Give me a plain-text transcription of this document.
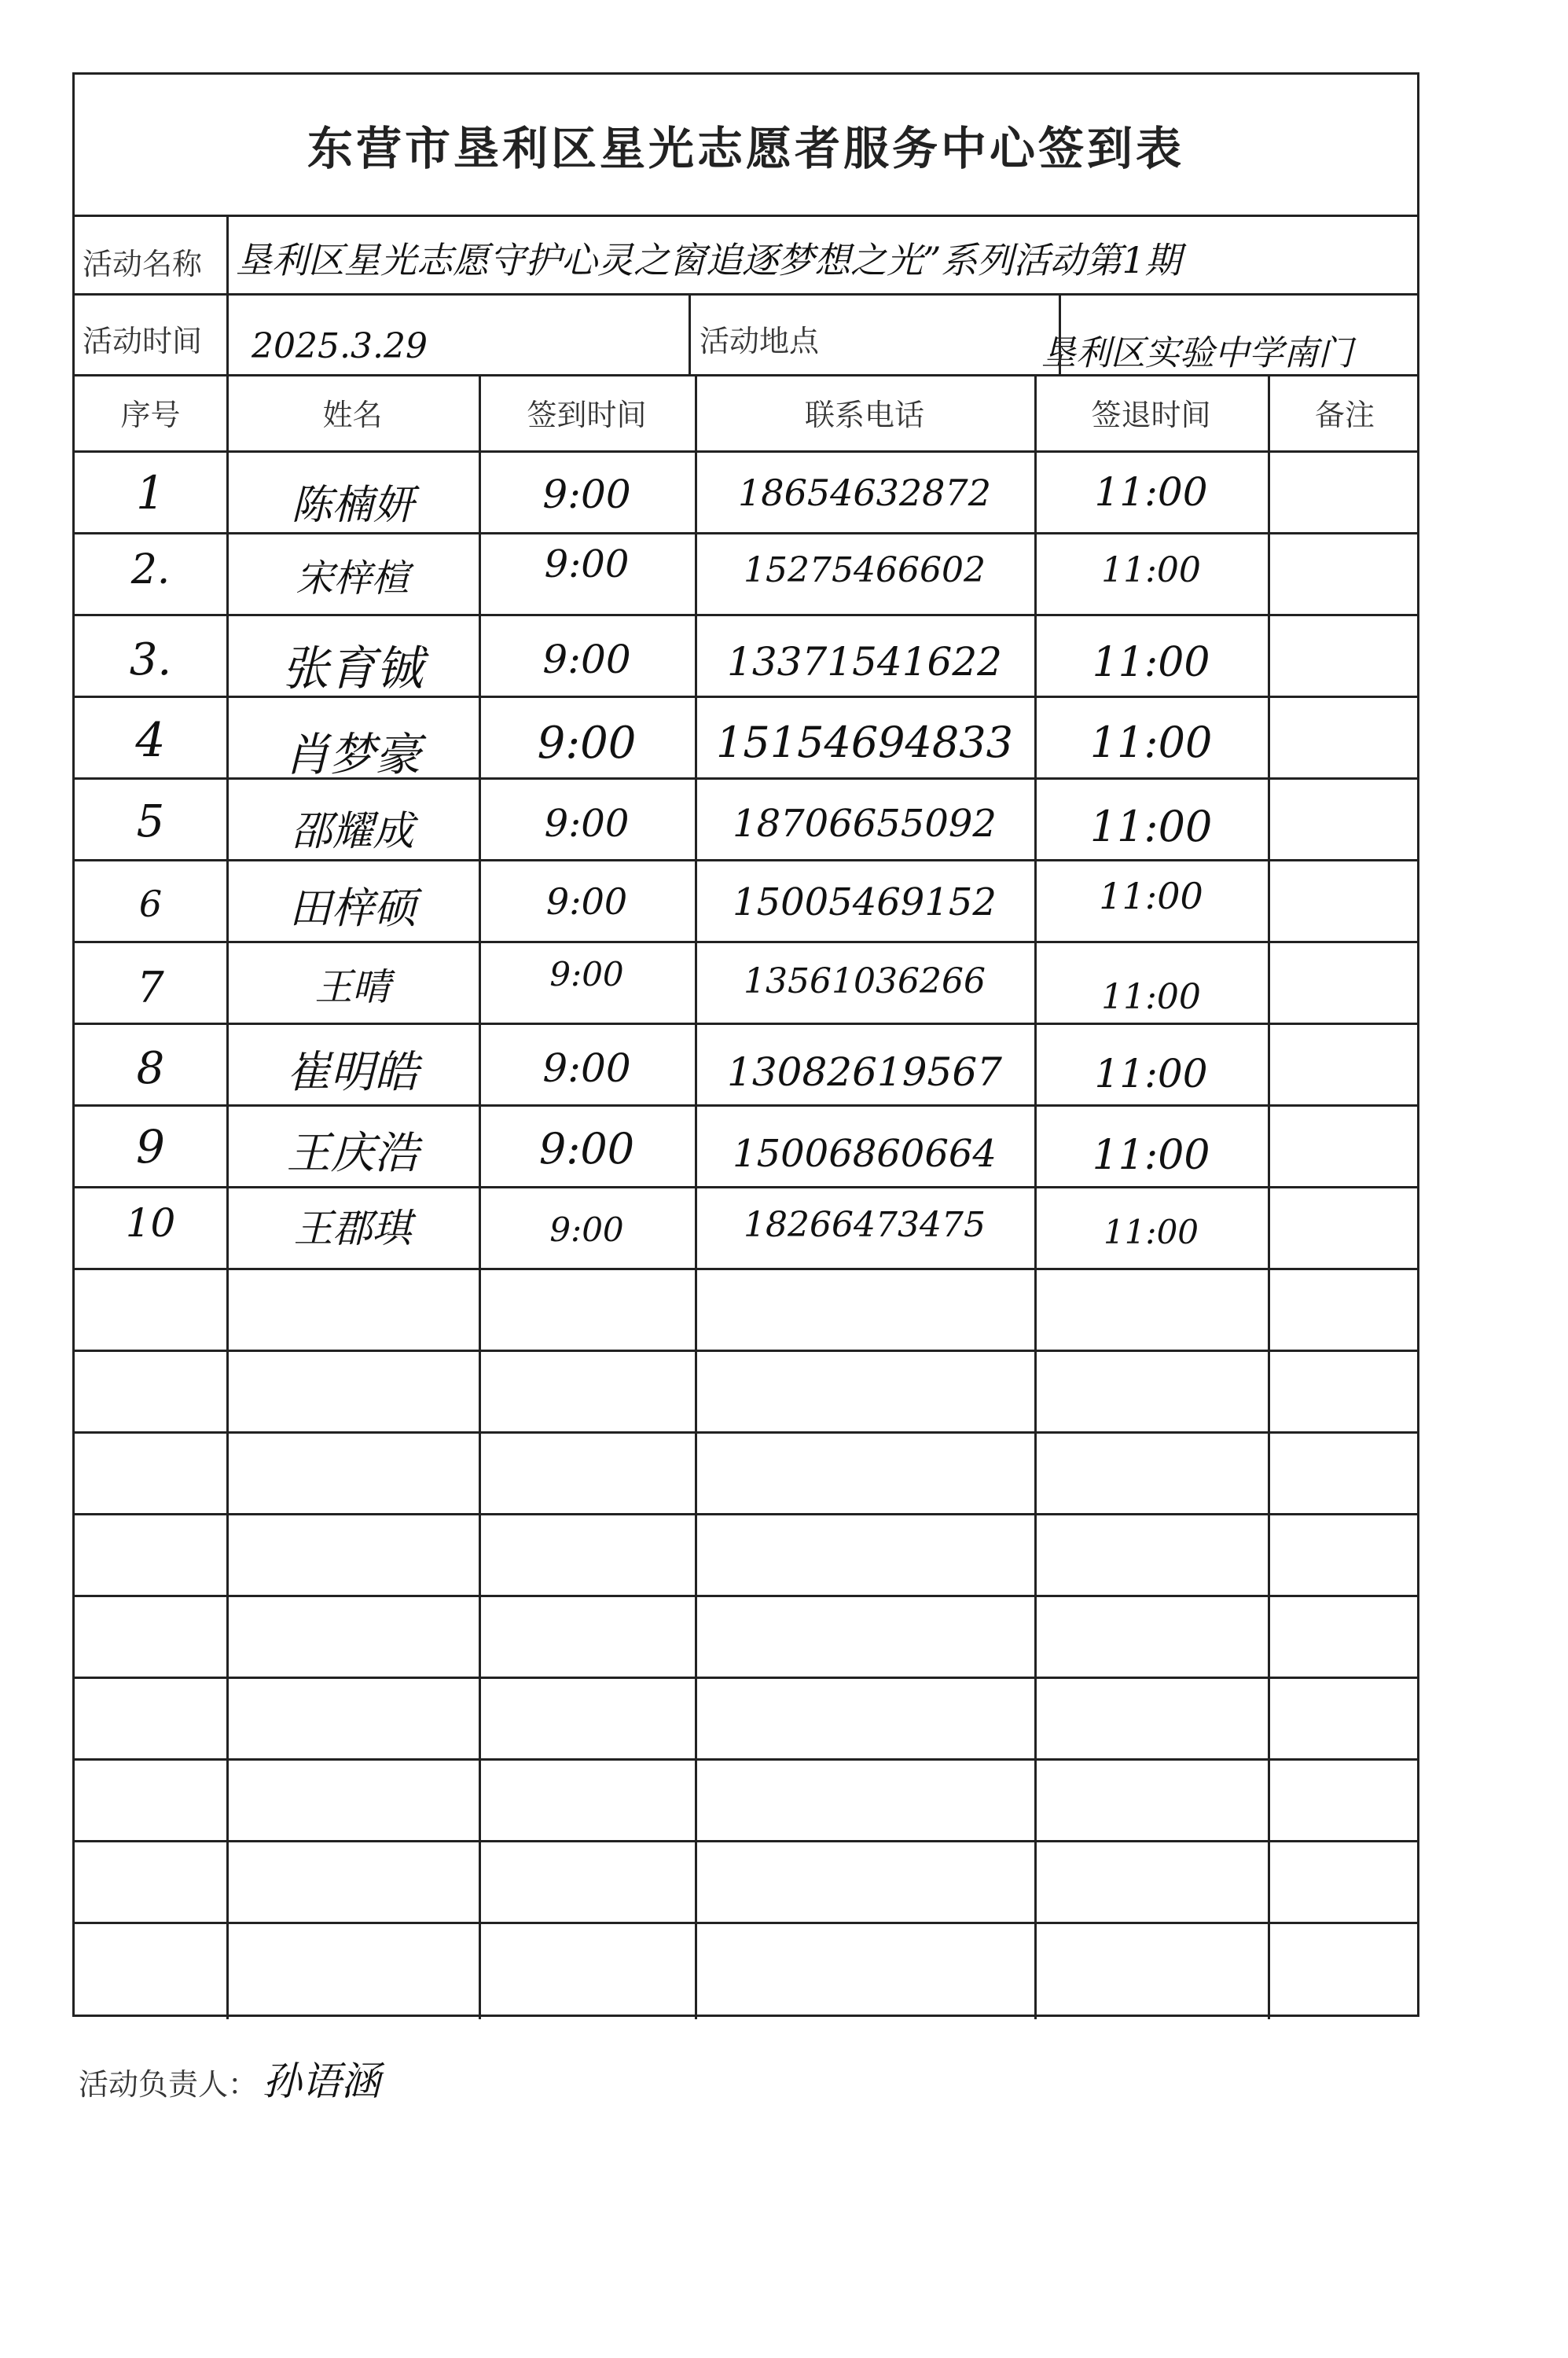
东营市垦利区星光志愿者服务中心签到表
活动名称 垦利区星光志愿守护心灵之窗追逐梦想之光”系列活动第1期
活动时间 2025.3.29	活动地点	垦利区实验中学南门
序号	姓名	签到时间	联系电话	签退时间	备注
1	陈楠妍	9:00	18654632872	11:00
2.	宋梓楦	9:00	15275466602	11:00
3.	张育铖	9:00	13371541622	11:00
4	肖梦豪	9:00	15154694833	11:00
5	邵耀成	9:00	18706655092	11:00
6	田梓硕	9:00	15005469152	11:00
7	王晴	9:00	13561036266	11:00
8	崔明皓	9:00	13082619567	11:00
9	王庆浩	9:00	15006860664	11:00
10	王郡琪	9:00	18266473475	11:00
活动负责人： 孙语涵
